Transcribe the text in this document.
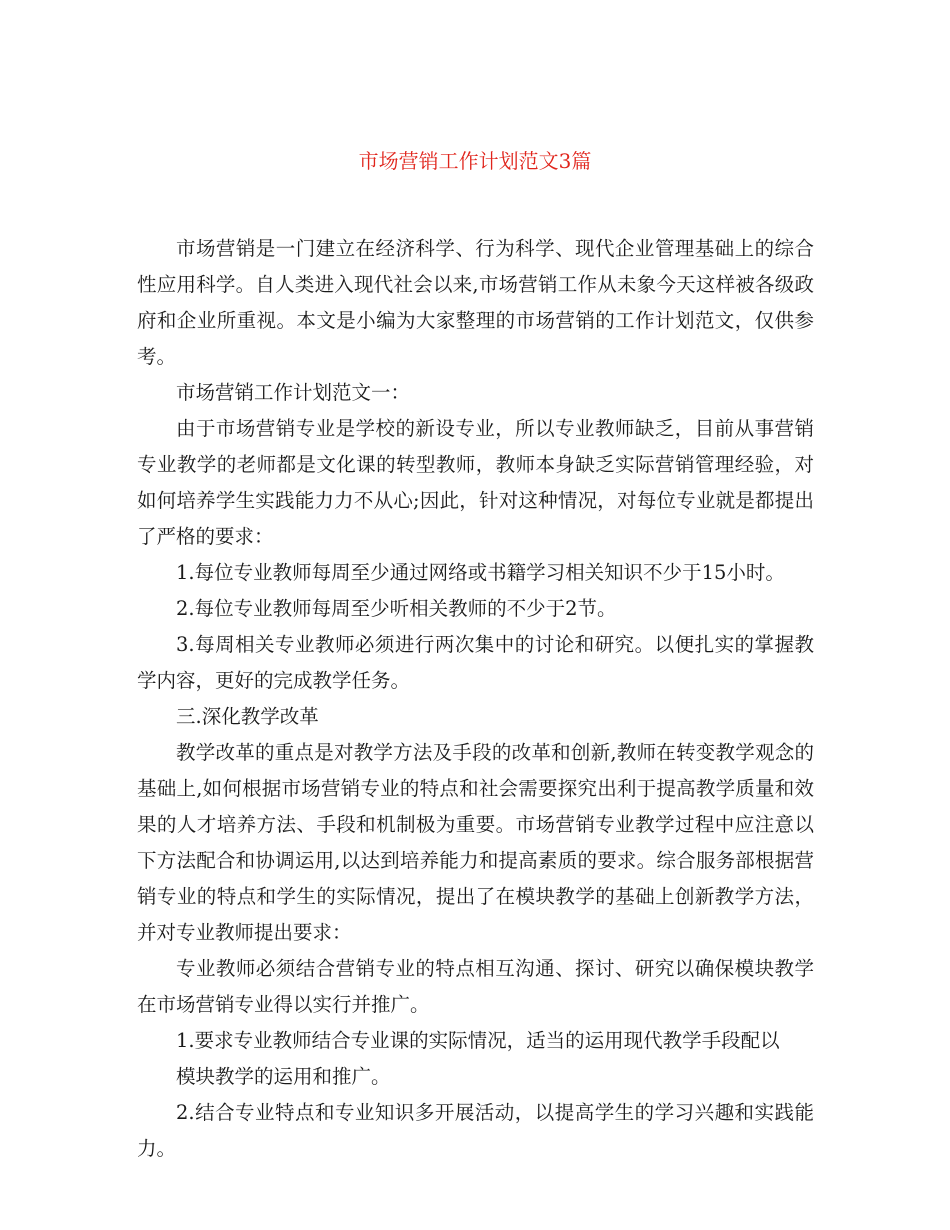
市场营销工作计划范文3篇

市场营销是一门建立在经济科学、行为科学、现代企业管理基础上的综合性应用科学。自人类进入现代社会以来,市场营销工作从未象今天这样被各级政府和企业所重视。本文是小编为大家整理的市场营销的工作计划范文，仅供参考。

市场营销工作计划范文一：

由于市场营销专业是学校的新设专业，所以专业教师缺乏，目前从事营销专业教学的老师都是文化课的转型教师，教师本身缺乏实际营销管理经验，对如何培养学生实践能力力不从心;因此，针对这种情况，对每位专业就是都提出了严格的要求：

1.每位专业教师每周至少通过网络或书籍学习相关知识不少于15小时。

2.每位专业教师每周至少听相关教师的不少于2节。

3.每周相关专业教师必须进行两次集中的讨论和研究。以便扎实的掌握教学内容，更好的完成教学任务。

三.深化教学改革

教学改革的重点是对教学方法及手段的改革和创新,教师在转变教学观念的基础上,如何根据市场营销专业的特点和社会需要探究出利于提高教学质量和效果的人才培养方法、手段和机制极为重要。市场营销专业教学过程中应注意以下方法配合和协调运用,以达到培养能力和提高素质的要求。综合服务部根据营销专业的特点和学生的实际情况，提出了在模块教学的基础上创新教学方法，并对专业教师提出要求：

专业教师必须结合营销专业的特点相互沟通、探讨、研究以确保模块教学在市场营销专业得以实行并推广。

1.要求专业教师结合专业课的实际情况，适当的运用现代教学手段配以

模块教学的运用和推广。

2.结合专业特点和专业知识多开展活动，以提高学生的学习兴趣和实践能力。
